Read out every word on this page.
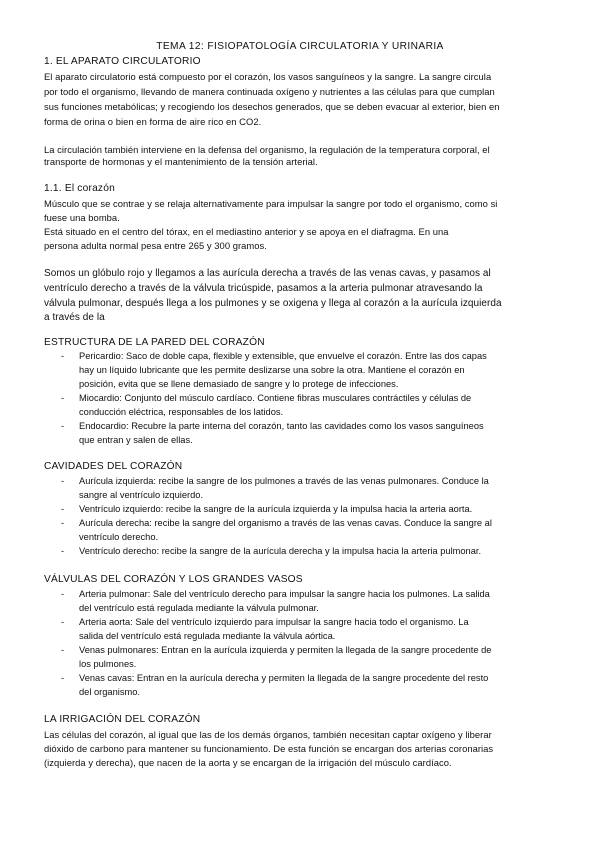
TEMA 12: FISIOPATOLOGÍA CIRCULATORIA Y URINARIA
1. EL APARATO CIRCULATORIO
El aparato circulatorio está compuesto por el corazón, los vasos sanguíneos y la sangre. La sangre circula
por todo el organismo, llevando de manera continuada oxígeno y nutrientes a las células para que cumplan
sus funciones metabólicas; y recogiendo los desechos generados, que se deben evacuar al exterior, bien en
forma de orina o bien en forma de aire rico en CO2.
La circulación también interviene en la defensa del organismo, la regulación de la temperatura corporal, el
transporte de hormonas y el mantenimiento de la tensión arterial.
1.1. El corazón
Músculo que se contrae y se relaja alternativamente para impulsar la sangre por todo el organismo, como si
fuese una bomba.
Está situado en el centro del tórax, en el mediastino anterior y se apoya en el diafragma. En una
persona adulta normal pesa entre 265 y 300 gramos.
Somos un glóbulo rojo y llegamos a las aurícula derecha a través de las venas cavas, y pasamos al
ventrículo derecho a través de la válvula tricúspide, pasamos a la arteria pulmonar atravesando la
válvula pulmonar, después llega a los pulmones y se oxigena y llega al corazón a la aurícula izquierda
a través de la
ESTRUCTURA DE LA PARED DEL CORAZÓN
- Pericardio: Saco de doble capa, flexible y extensible, que envuelve el corazón. Entre las dos capas
hay un líquido lubricante que les permite deslizarse una sobre la otra. Mantiene el corazón en
posición, evita que se llene demasiado de sangre y lo protege de infecciones.
- Miocardio: Conjunto del músculo cardíaco. Contiene fibras musculares contráctiles y células de
conducción eléctrica, responsables de los latidos.
- Endocardio: Recubre la parte interna del corazón, tanto las cavidades como los vasos sanguíneos
que entran y salen de ellas.
CAVIDADES DEL CORAZÓN
- Aurícula izquierda: recibe la sangre de los pulmones a través de las venas pulmonares. Conduce la
sangre al ventrículo izquierdo.
- Ventrículo izquierdo: recibe la sangre de la aurícula izquierda y la impulsa hacia la arteria aorta.
- Aurícula derecha: recibe la sangre del organismo a través de las venas cavas. Conduce la sangre al
ventrículo derecho.
- Ventrículo derecho: recibe la sangre de la aurícula derecha y la impulsa hacia la arteria pulmonar.
VÁLVULAS DEL CORAZÓN Y LOS GRANDES VASOS
- Arteria pulmonar: Sale del ventrículo derecho para impulsar la sangre hacia los pulmones. La salida
del ventrículo está regulada mediante la válvula pulmonar.
- Arteria aorta: Sale del ventrículo izquierdo para impulsar la sangre hacia todo el organismo. La
salida del ventrículo está regulada mediante la válvula aórtica.
- Venas pulmonares: Entran en la aurícula izquierda y permiten la llegada de la sangre procedente de
los pulmones.
- Venas cavas: Entran en la aurícula derecha y permiten la llegada de la sangre procedente del resto
del organismo.
LA IRRIGACIÓN DEL CORAZÓN
Las células del corazón, al igual que las de los demás órganos, también necesitan captar oxígeno y liberar
dióxido de carbono para mantener su funcionamiento. De esta función se encargan dos arterias coronarias
(izquierda y derecha), que nacen de la aorta y se encargan de la irrigación del músculo cardíaco.
